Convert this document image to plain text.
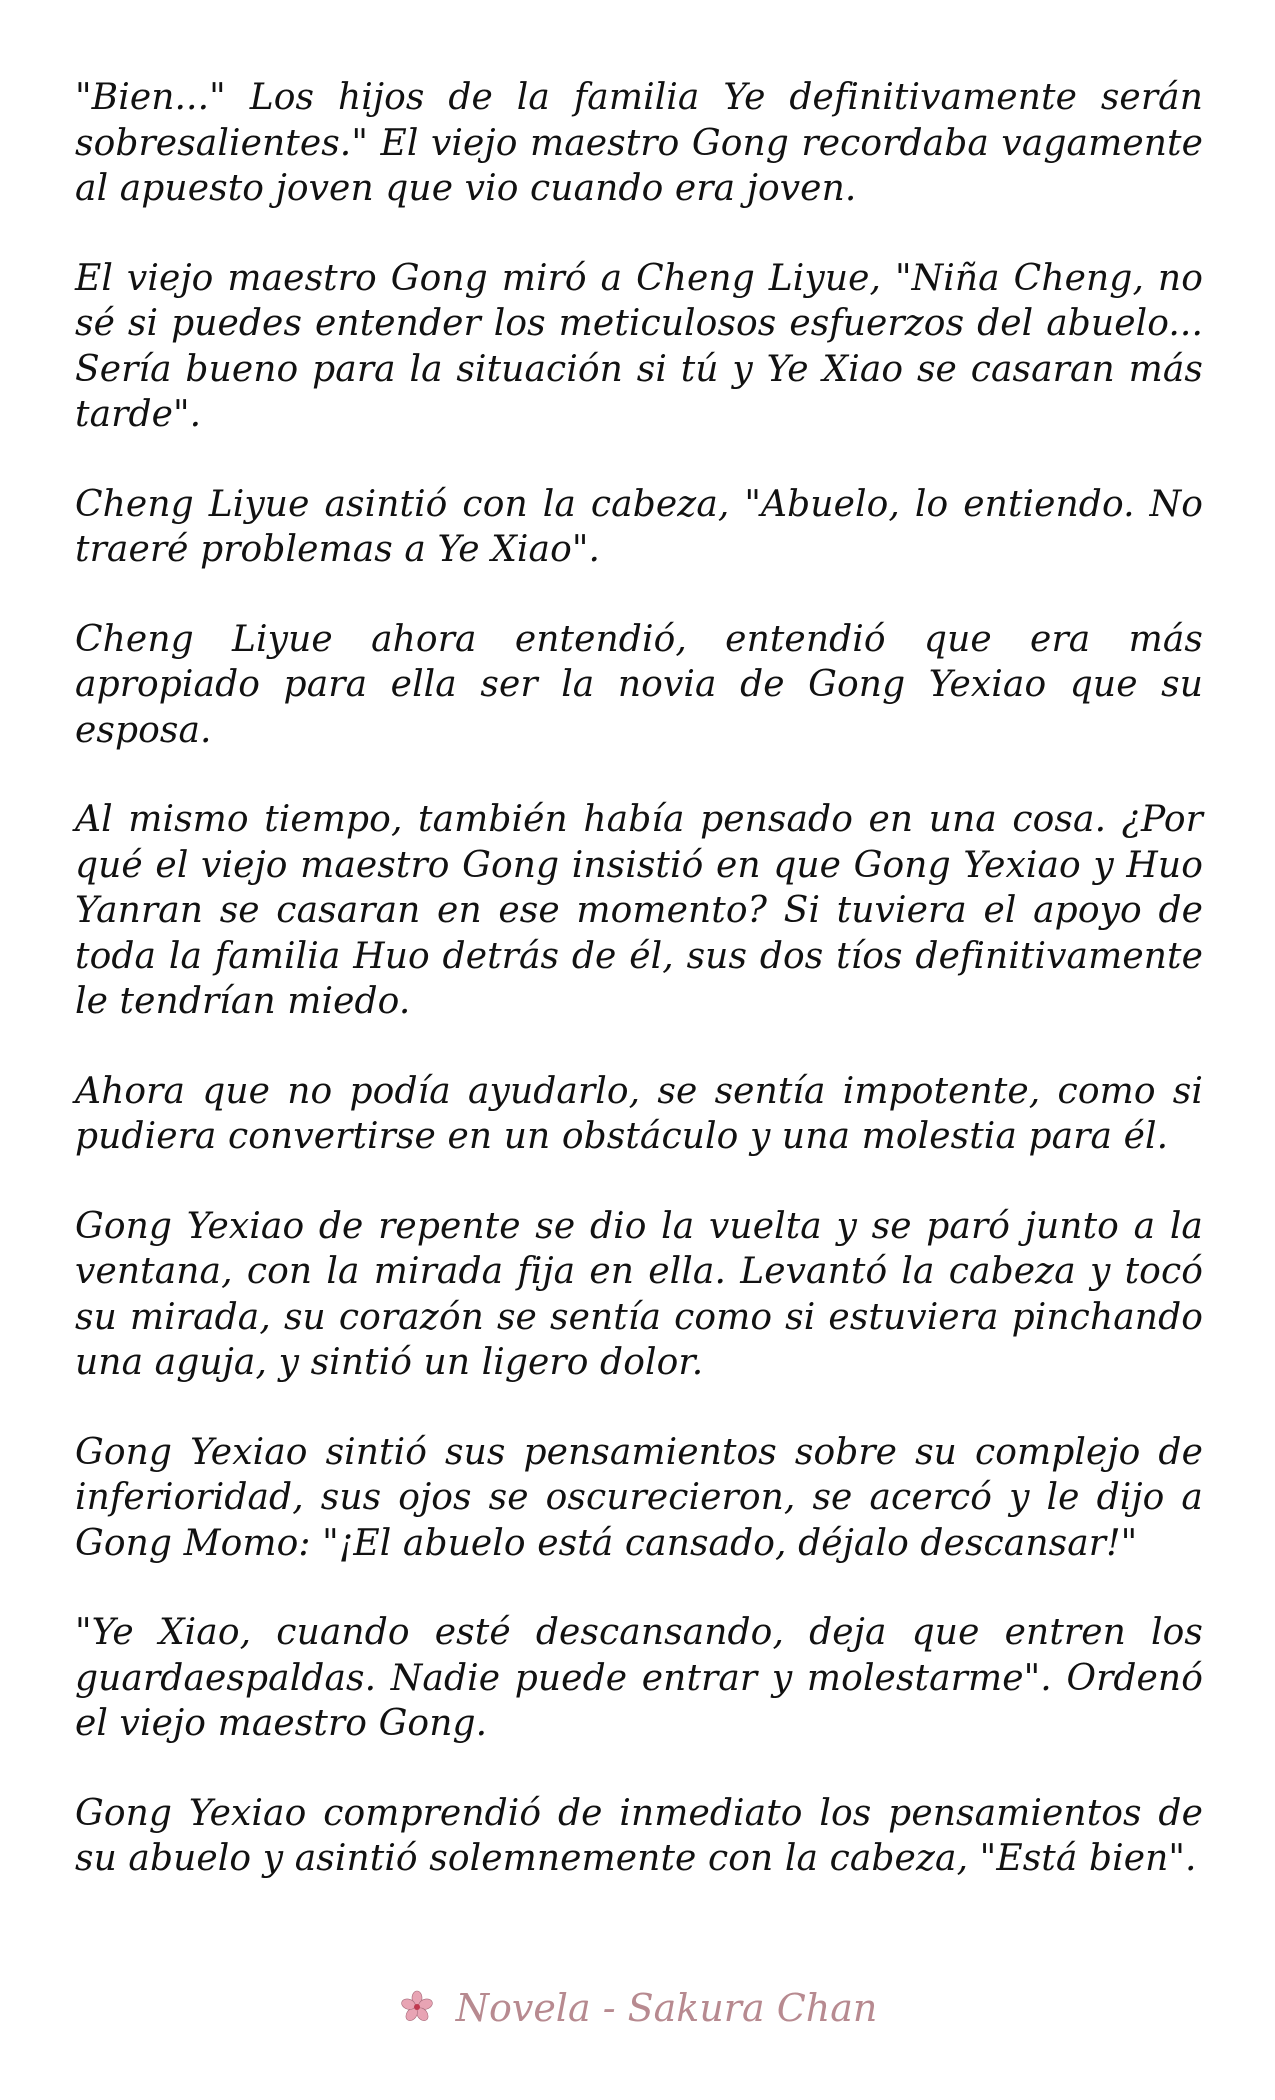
"Bien..." Los hijos de la familia Ye definitivamente serán sobresalientes." El viejo maestro Gong recordaba vagamente al apuesto joven que vio cuando era joven.

El viejo maestro Gong miró a Cheng Liyue, "Niña Cheng, no sé si puedes entender los meticulosos esfuerzos del abuelo... Sería bueno para la situación si tú y Ye Xiao se casaran más tarde".

Cheng Liyue asintió con la cabeza, "Abuelo, lo entiendo. No traeré problemas a Ye Xiao".

Cheng Liyue ahora entendió, entendió que era más apropiado para ella ser la novia de Gong Yexiao que su esposa.

Al mismo tiempo, también había pensado en una cosa. ¿Por qué el viejo maestro Gong insistió en que Gong Yexiao y Huo Yanran se casaran en ese momento? Si tuviera el apoyo de toda la familia Huo detrás de él, sus dos tíos definitivamente le tendrían miedo.

Ahora que no podía ayudarlo, se sentía impotente, como si pudiera convertirse en un obstáculo y una molestia para él.

Gong Yexiao de repente se dio la vuelta y se paró junto a la ventana, con la mirada fija en ella. Levantó la cabeza y tocó su mirada, su corazón se sentía como si estuviera pinchando una aguja, y sintió un ligero dolor.

Gong Yexiao sintió sus pensamientos sobre su complejo de inferioridad, sus ojos se oscurecieron, se acercó y le dijo a Gong Momo: "¡El abuelo está cansado, déjalo descansar!"

"Ye Xiao, cuando esté descansando, deja que entren los guardaespaldas. Nadie puede entrar y molestarme". Ordenó el viejo maestro Gong.

Gong Yexiao comprendió de inmediato los pensamientos de su abuelo y asintió solemnemente con la cabeza, "Está bien".

Novela - Sakura Chan
